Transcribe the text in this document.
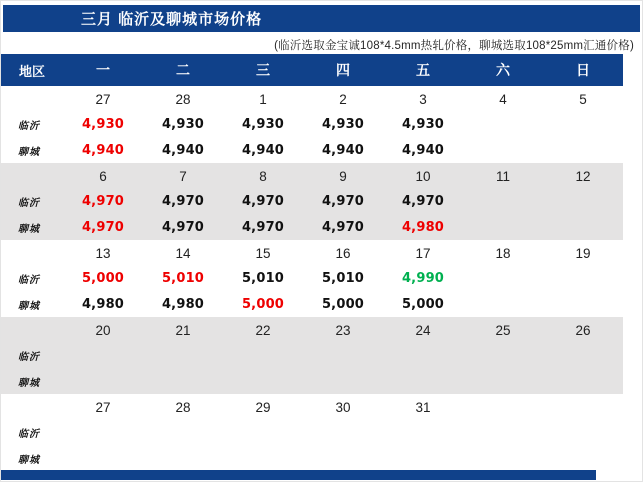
三月 临沂及聊城市场价格
(临沂选取金宝诚108*4.5mm热轧价格，聊城选取108*25mm汇通价格)
地区	一	二	三	四	五	六	日
27	28	1	2	3	4	5
临沂	4,930	4,930	4,930	4,930	4,930
聊城	4,940	4,940	4,940	4,940	4,940
6	7	8	9	10	11	12
临沂	4,970	4,970	4,970	4,970	4,970
聊城	4,970	4,970	4,970	4,970	4,980
13	14	15	16	17	18	19
临沂	5,000	5,010	5,010	5,010	4,990
聊城	4,980	4,980	5,000	5,000	5,000
20	21	22	23	24	25	26
临沂
聊城
27	28	29	30	31
临沂
聊城
